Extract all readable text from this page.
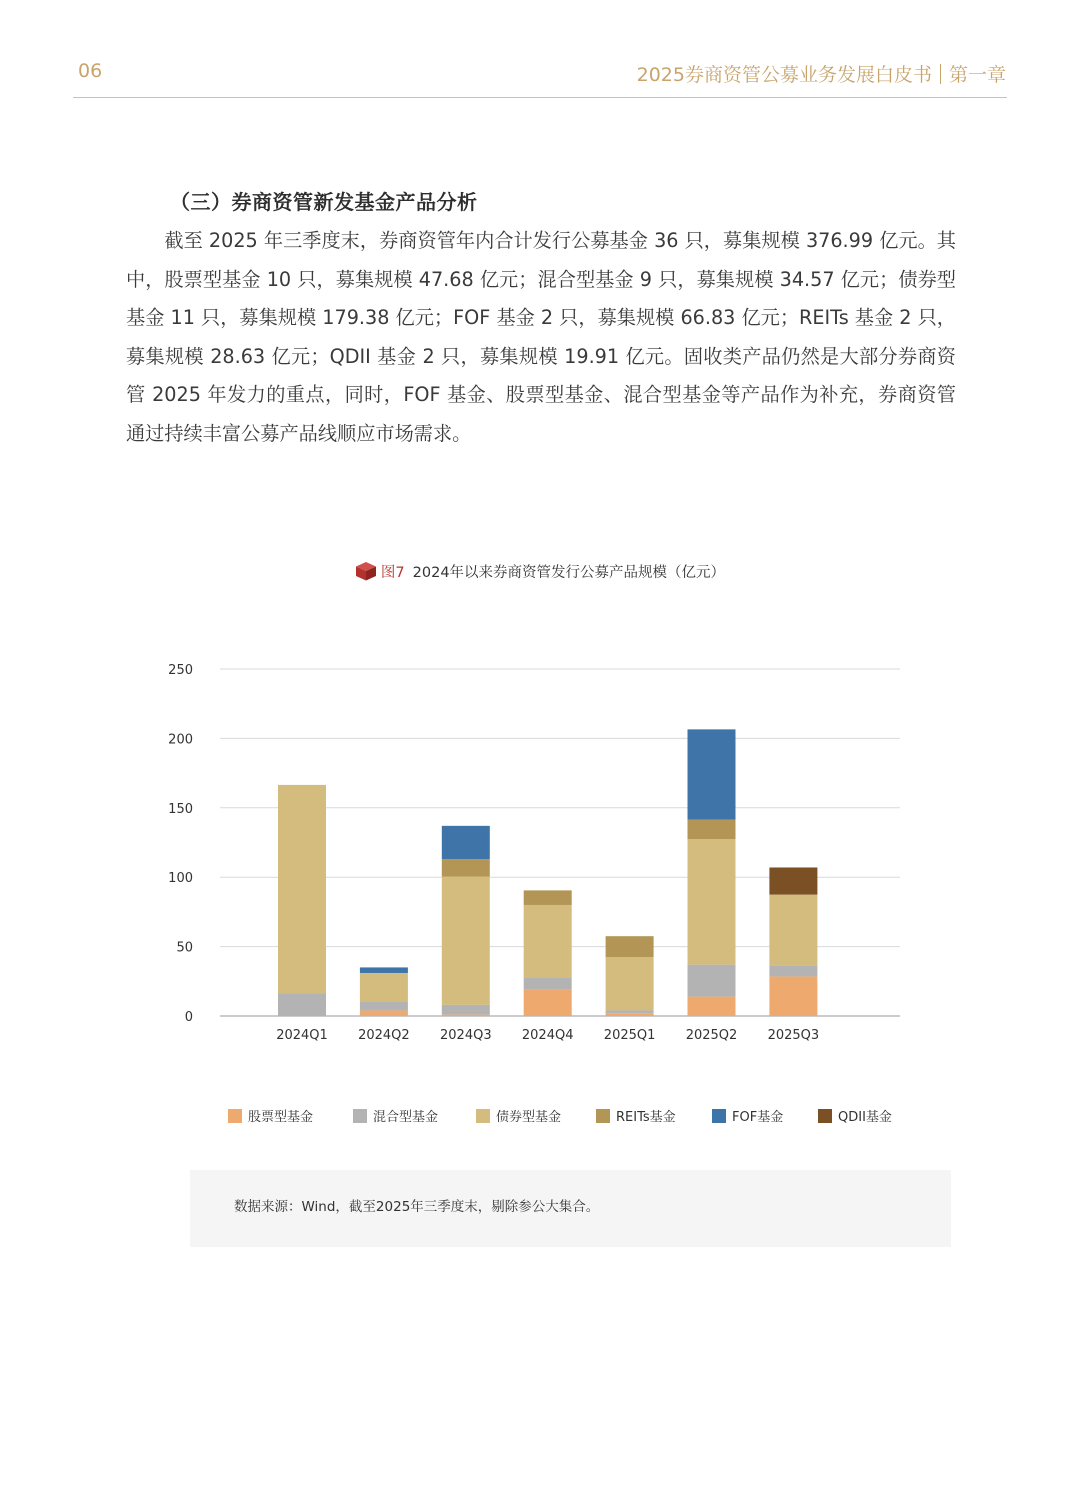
06	2025券商资管公募业务发展白皮书 第一章
（三）券商资管新发基金产品分析

截至 2025 年三季度末，券商资管年内合计发行公募基金 36 只，募集规模 376.99 亿元。其中，股票型基金 10 只，募集规模 47.68 亿元；混合型基金 9 只，募集规模 34.57 亿元；债券型基金 11 只，募集规模 179.38 亿元；FOF 基金 2 只，募集规模 66.83 亿元；REITs 基金 2 只，募集规模 28.63 亿元；QDII 基金 2 只，募集规模 19.91 亿元。固收类产品仍然是大部分券商资管 2025 年发力的重点，同时，FOF 基金、股票型基金、混合型基金等产品作为补充，券商资管通过持续丰富公募产品线顺应市场需求。

图7 2024年以来券商资管发行公募产品规模（亿元）
0
50
100
150
200
250
2024Q1 2024Q2 2024Q3 2024Q4 2025Q1 2025Q2 2025Q3
股票型基金	混合型基金	债券型基金	REITs基金	FOF基金	QDII基金
数据来源：Wind，截至2025年三季度末，剔除参公大集合。
